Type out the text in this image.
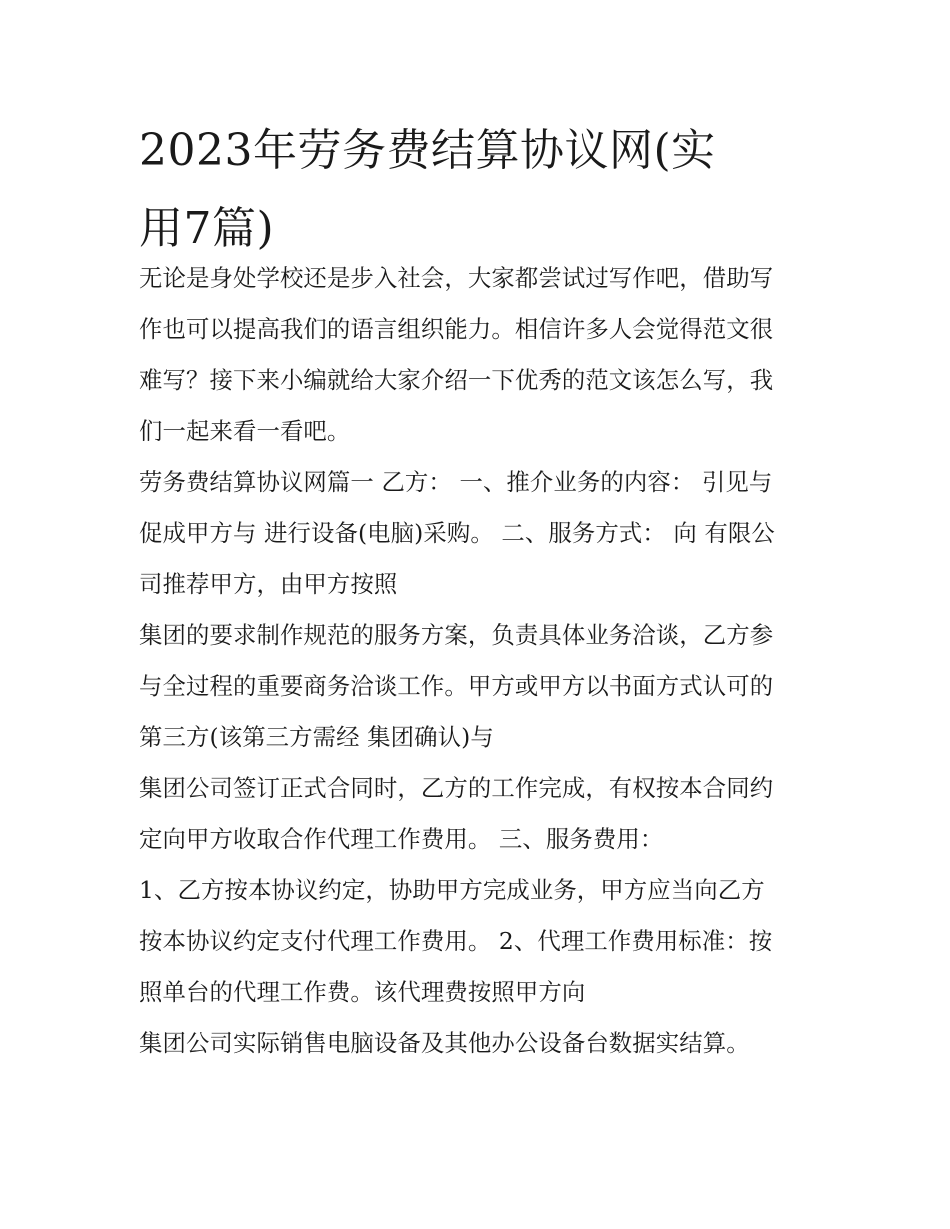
2023年劳务费结算协议网(实
用7篇)
无论是身处学校还是步入社会，大家都尝试过写作吧，借助写
作也可以提高我们的语言组织能力。相信许多人会觉得范文很
难写？接下来小编就给大家介绍一下优秀的范文该怎么写，我
们一起来看一看吧。
劳务费结算协议网篇一 乙方： 一、推介业务的内容： 引见与
促成甲方与 进行设备(电脑)采购。 二、服务方式： 向 有限公
司推荐甲方，由甲方按照
集团的要求制作规范的服务方案，负责具体业务洽谈，乙方参
与全过程的重要商务洽谈工作。甲方或甲方以书面方式认可的
第三方(该第三方需经 集团确认)与
集团公司签订正式合同时，乙方的工作完成，有权按本合同约
定向甲方收取合作代理工作费用。 三、服务费用：
1、乙方按本协议约定，协助甲方完成业务，甲方应当向乙方
按本协议约定支付代理工作费用。 2、代理工作费用标准：按
照单台的代理工作费。该代理费按照甲方向
集团公司实际销售电脑设备及其他办公设备台数据实结算。
